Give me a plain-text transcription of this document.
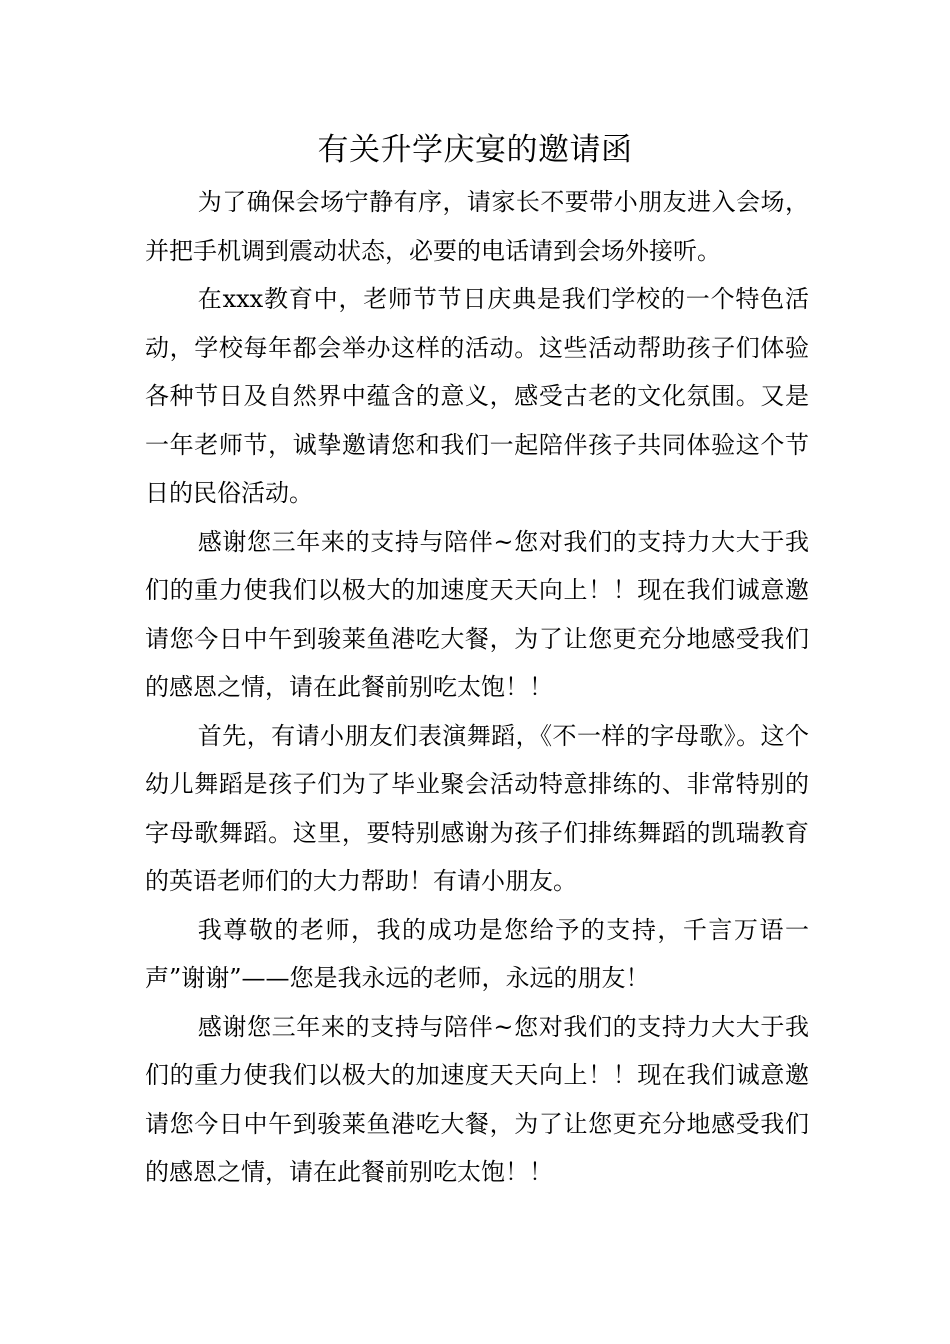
有关升学庆宴的邀请函

为了确保会场宁静有序，请家长不要带小朋友进入会场，并把手机调到震动状态，必要的电话请到会场外接听。

在xxx教育中，老师节节日庆典是我们学校的一个特色活动，学校每年都会举办这样的活动。这些活动帮助孩子们体验各种节日及自然界中蕴含的意义，感受古老的文化氛围。又是一年老师节，诚挚邀请您和我们一起陪伴孩子共同体验这个节日的民俗活动。

感谢您三年来的支持与陪伴~您对我们的支持力大大于我们的重力使我们以极大的加速度天天向上！！现在我们诚意邀请您今日中午到骏莱鱼港吃大餐，为了让您更充分地感受我们的感恩之情，请在此餐前别吃太饱！！

首先，有请小朋友们表演舞蹈，《不一样的字母歌》。这个幼儿舞蹈是孩子们为了毕业聚会活动特意排练的、非常特别的字母歌舞蹈。这里，要特别感谢为孩子们排练舞蹈的凯瑞教育的英语老师们的大力帮助！有请小朋友。

我尊敬的老师，我的成功是您给予的支持，千言万语一声”谢谢”——您是我永远的老师，永远的朋友！

感谢您三年来的支持与陪伴~您对我们的支持力大大于我们的重力使我们以极大的加速度天天向上！！现在我们诚意邀请您今日中午到骏莱鱼港吃大餐，为了让您更充分地感受我们的感恩之情，请在此餐前别吃太饱！！
